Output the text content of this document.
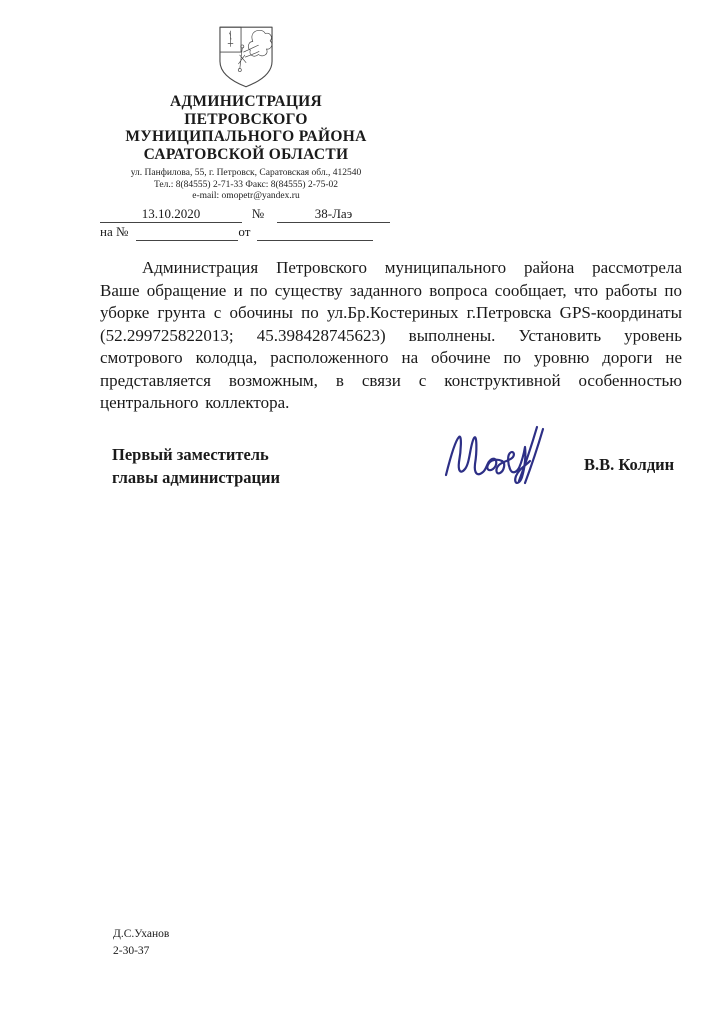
АДМИНИСТРАЦИЯ
ПЕТРОВСКОГО
МУНИЦИПАЛЬНОГО РАЙОНА
САРАТОВСКОЙ ОБЛАСТИ
ул. Панфилова, 55, г. Петровск, Саратовская обл., 412540
Тел.: 8(84555) 2-71-33 Факс: 8(84555) 2-75-02
e-mail: omopetr@yandex.ru
13.10.2020	№	38-Лаэ
на №	от

Администрация Петровского муниципального района рассмотрела Ваше обращение и по существу заданного вопроса сообщает, что работы по уборке грунта с обочины по ул.Бр.Костериных г.Петровска GPS-координаты (52.299725822013; 45.398428745623) выполнены. Установить уровень смотрового колодца, расположенного на обочине по уровню дороги не представляется возможным, в связи с конструктивной особенностью центрального коллектора.

Первый заместитель
главы администрации
В.В. Колдин
Д.С.Уханов
2-30-37
